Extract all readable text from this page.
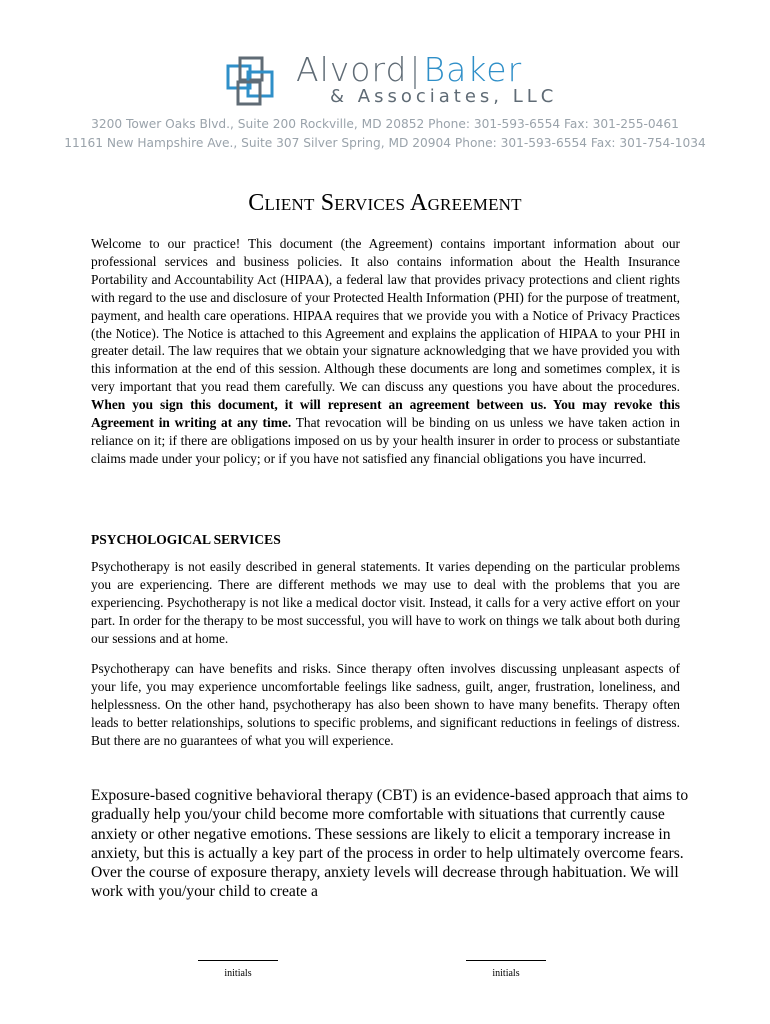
Alvord|Baker
& Associates, LLC
3200 Tower Oaks Blvd., Suite 200 Rockville, MD 20852 Phone: 301-593-6554 Fax: 301-255-0461
11161 New Hampshire Ave., Suite 307 Silver Spring, MD 20904 Phone: 301-593-6554 Fax: 301-754-1034
Client Services Agreement
Welcome to our practice! This document (the Agreement) contains important information about our professional services and business policies. It also contains information about the Health Insurance Portability and Accountability Act (HIPAA), a federal law that provides privacy protections and client rights with regard to the use and disclosure of your Protected Health Information (PHI) for the purpose of treatment, payment, and health care operations. HIPAA requires that we provide you with a Notice of Privacy Practices (the Notice). The Notice is attached to this Agreement and explains the application of HIPAA to your PHI in greater detail. The law requires that we obtain your signature acknowledging that we have provided you with this information at the end of this session. Although these documents are long and sometimes complex, it is very important that you read them carefully. We can discuss any questions you have about the procedures. When you sign this document, it will represent an agreement between us. You may revoke this Agreement in writing at any time. That revocation will be binding on us unless we have taken action in reliance on it; if there are obligations imposed on us by your health insurer in order to process or substantiate claims made under your policy; or if you have not satisfied any financial obligations you have incurred.
PSYCHOLOGICAL SERVICES
Psychotherapy is not easily described in general statements. It varies depending on the particular problems you are experiencing. There are different methods we may use to deal with the problems that you are experiencing. Psychotherapy is not like a medical doctor visit. Instead, it calls for a very active effort on your part. In order for the therapy to be most successful, you will have to work on things we talk about both during our sessions and at home.
Psychotherapy can have benefits and risks. Since therapy often involves discussing unpleasant aspects of your life, you may experience uncomfortable feelings like sadness, guilt, anger, frustration, loneliness, and helplessness. On the other hand, psychotherapy has also been shown to have many benefits. Therapy often leads to better relationships, solutions to specific problems, and significant reductions in feelings of distress. But there are no guarantees of what you will experience.
Exposure-based cognitive behavioral therapy (CBT) is an evidence-based approach that aims to gradually help you/your child become more comfortable with situations that currently cause anxiety or other negative emotions. These sessions are likely to elicit a temporary increase in anxiety, but this is actually a key part of the process in order to help ultimately overcome fears. Over the course of exposure therapy, anxiety levels will decrease through habituation. We will work with you/your child to create a
initials	initials
